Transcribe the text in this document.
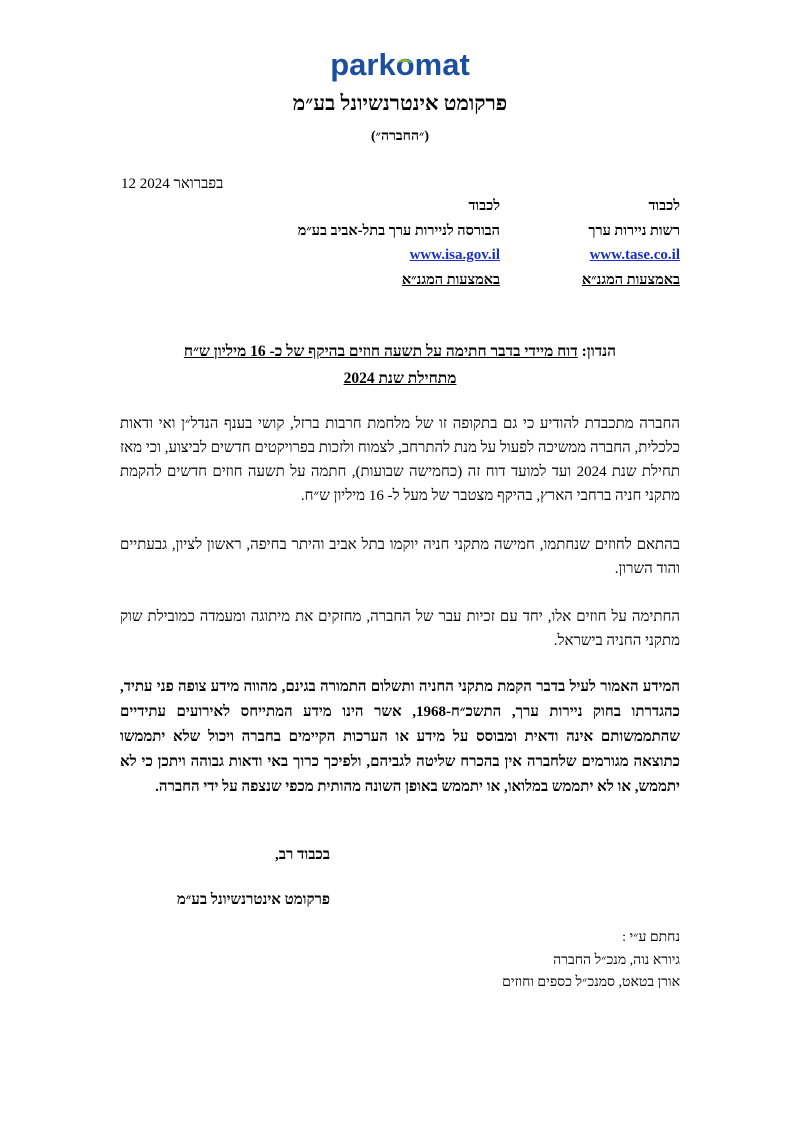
parkomat
פרקומט אינטרנשיונל בע״מ
(״החברה״)
12 בפברואר 2024
לכבוד
רשות ניירות ערך
www.tase.co.il
באמצעות המגנ״א
לכבוד
הבורסה לניירות ערך בתל-אביב בע״מ
www.isa.gov.il
באמצעות המגנ״א
הנדון: דוח מיידי בדבר חתימה על תשעה חוזים בהיקף של כ- 16 מיליון ש״ח
מתחילת שנת 2024

החברה מתכבדת להודיע כי גם בתקופה זו של מלחמת חרבות ברזל, קושי בענף הנדל״ן ואי ודאות כלכלית, החברה ממשיכה לפעול על מנת להתרחב, לצמוח ולזכות בפרויקטים חדשים לביצוע, וכי מאז תחילת שנת 2024 ועד למועד דוח זה (כחמישה שבועות), חתמה על תשעה חוזים חדשים להקמת מתקני חניה ברחבי הארץ, בהיקף מצטבר של מעל ל- 16 מיליון ש״ח.

בהתאם לחוזים שנחתמו, חמישה מתקני חניה יוקמו בתל אביב והיתר בחיפה, ראשון לציון, גבעתיים והוד השרון.

החתימה על חוזים אלו, יחד עם זכיות עבר של החברה, מחזקים את מיתוגה ומעמדה כמובילת שוק מתקני החניה בישראל.

המידע האמור לעיל בדבר הקמת מתקני החניה ותשלום התמורה בגינם, מהווה מידע צופה פני עתיד, כהגדרתו בחוק ניירות ערך, התשכ״ח-1968, אשר הינו מידע המתייחס לאירועים עתידיים שהתממשותם אינה ודאית ומבוסס על מידע או הערכות הקיימים בחברה ויכול שלא יתממשו כתוצאה מגורמים שלחברה אין בהכרח שליטה לגביהם, ולפיכך כרוך באי ודאות גבוהה ויתכן כי לא יתממש, או לא יתממש במלואו, או יתממש באופן השונה מהותית מכפי שנצפה על ידי החברה.

בכבוד רב,
פרקומט אינטרנשיונל בע״מ
נחתם ע״י :
גיורא נוה, מנכ״ל החברה
אורן בטאט, סמנכ״ל כספים וחוזים
